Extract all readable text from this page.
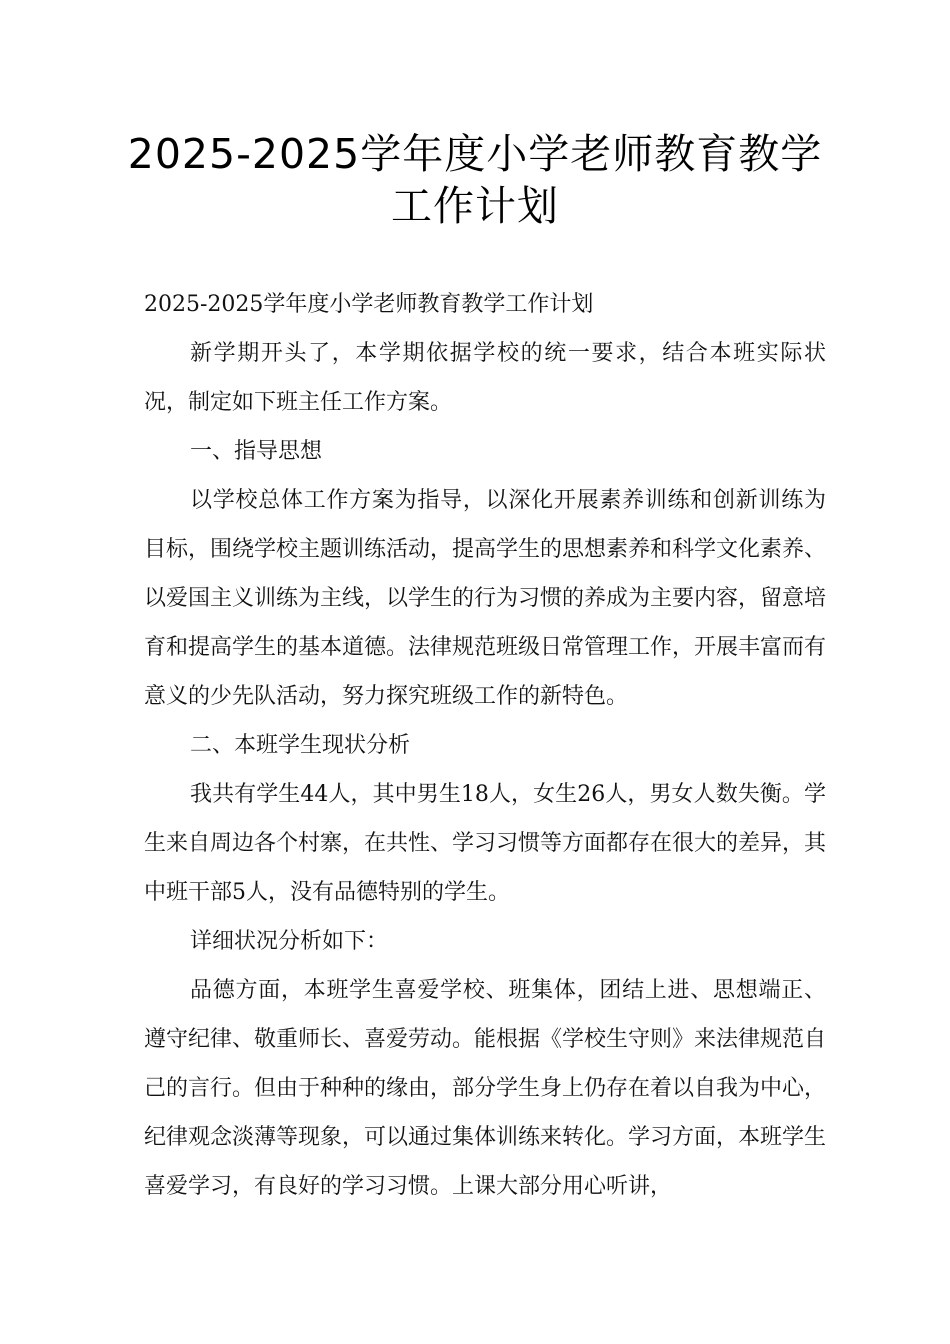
2025-2025学年度小学老师教育教学工作计划

2025-2025学年度小学老师教育教学工作计划

新学期开头了，本学期依据学校的统一要求，结合本班实际状况，制定如下班主任工作方案。

一、指导思想

以学校总体工作方案为指导，以深化开展素养训练和创新训练为目标，围绕学校主题训练活动，提高学生的思想素养和科学文化素养、以爱国主义训练为主线，以学生的行为习惯的养成为主要内容，留意培育和提高学生的基本道德。法律规范班级日常管理工作，开展丰富而有意义的少先队活动，努力探究班级工作的新特色。

二、本班学生现状分析

我共有学生44人，其中男生18人，女生26人，男女人数失衡。学生来自周边各个村寨，在共性、学习习惯等方面都存在很大的差异，其中班干部5人，没有品德特别的学生。

详细状况分析如下：

品德方面，本班学生喜爱学校、班集体，团结上进、思想端正、遵守纪律、敬重师长、喜爱劳动。能根据《学校生守则》来法律规范自己的言行。但由于种种的缘由，部分学生身上仍存在着以自我为中心，纪律观念淡薄等现象，可以通过集体训练来转化。学习方面，本班学生喜爱学习，有良好的学习习惯。上课大部分用心听讲，
